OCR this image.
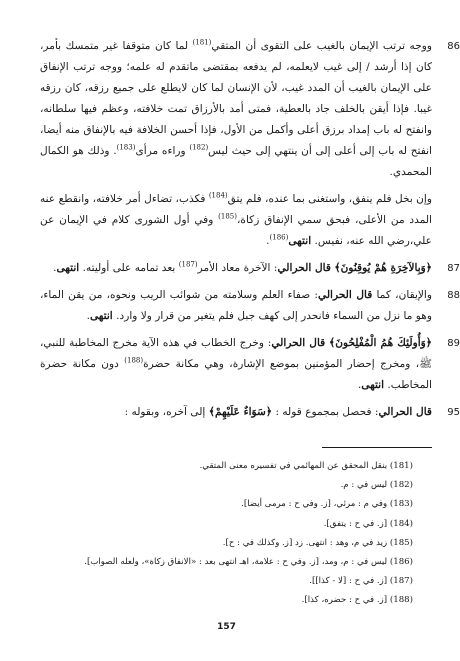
86
ووجه ترتب الإيمان بالغيب على التقوى أن المتقي$^{(181)}$ لما كان متوقفا غير متمسك بأمر، كان إذا أرشد / إلى غيب لايعلمه، لم يدفعه بمقتضى ماتقدم له علمه؛ ووجه ترتب الإنفاق على الإيمان بالغيب أن المدد غيب، لأن الإنسان لما كان لايطلع على جميع رزقه، كان رزقه غيبا. فإذا أيقن بالخلف جاد بالعطية، فمتى أمد بالأرزاق تمت خلافته، وعظم فيها سلطانه، وانفتح له باب إمداد برزق أعلى وأكمل من الأول، فإذا أحسن الخلافة فيه بالإنفاق منه أيضا، انفتح له باب إلى أعلى إلى أن ينتهي إلى حيث ليس$^{(182)}$ وراءه مرأى$^{(183)}$. وذلك هو الكمال المحمدي.

وإن بخل فلم ينفق، واستغنى بما عنده، فلم يتق$^{(184)}$ فكذب، تضاءل أمر خلافته، وانقطع عنه المدد من الأعلى، فبحق سمي الإنفاق زكاة،$^{(185)}$ وفي أول الشورى كلام في الإيمان عن علي،رضي الله عنه، نفيس. انتهى$^{(186)}$.

87
﴿وَبِالآخِرَةِ هُمْ يُوقِنُونَ﴾ قال الحرالي: الآخرة معاد الأمر$^{(187)}$ بعد تمامه على أوليته. انتهى.

88
والإيقان، كما قال الحرالي: صفاء العلم وسلامته من شوائب الريب ونحوه، من يقن الماء، وهو ما نزل من السماء فانحدر إلى كهف جبل فلم يتغير من قرار ولا وارد. انتهى.

89
﴿وَأُولَئِكَ هُمُ الْمُفْلِحُونَ﴾ قال الحرالي: وخرج الخطاب في هذه الآية مخرج المخاطبة للنبي، ﷺ، ومخرج إحضار المؤمنين بموضع الإشارة، وهي مكانة حضرة$^{(188)}$ دون مكانة حضرة المخاطب. انتهى.

95
قال الحرالي: فحصل بمجموع قوله : ﴿سَوَاءٌ عَلَيْهِمْ﴾ إلى آخره، وبقوله :

(181) بنقل المحقق عن المهائمي في تفسيره معنى المتقي.
(182) ليس في : م.
(183) وفي م : مرئي، [ز. وفي ح : مرمى أيضا].
(184) [ز. في ح : يتفق].
(185) زيد في م، وهد : انتهى. زد [ز. وكذلك في : ح].
(186) ليس في : م، ومد، [ز. وفي ح : علامة، اهـ انتهى بعد : «الانفاق زكاة»، ولعله الصواب].
(187) [ز. في ح : [لا - كذا]].
(188) [ز. في ح : حضره، كذا].
157
